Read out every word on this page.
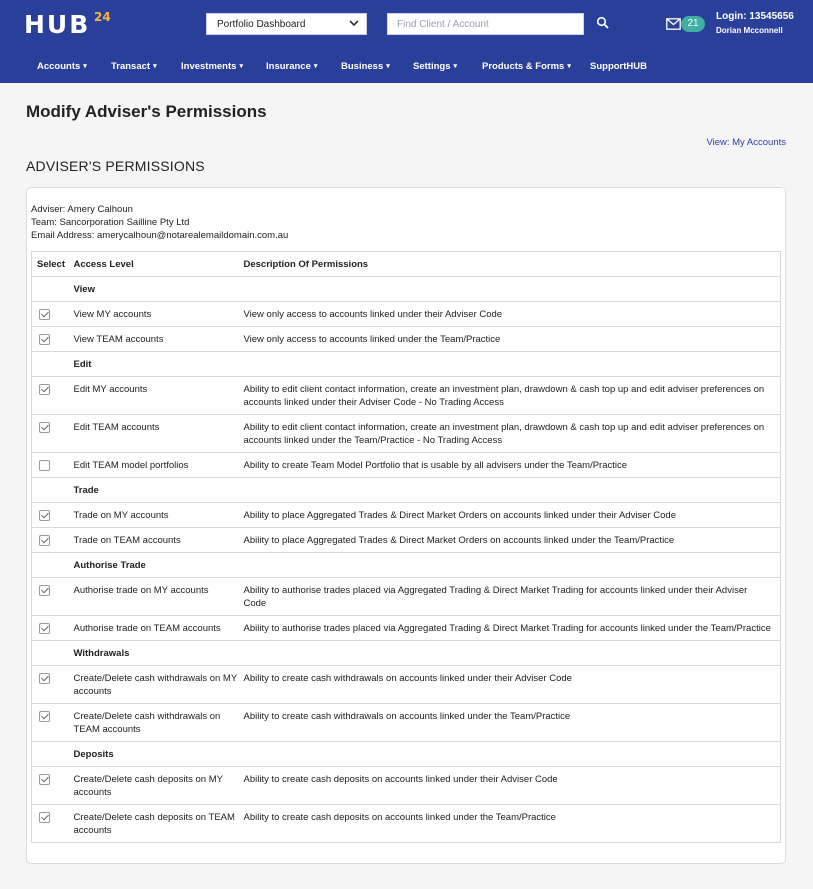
HUB 24
Portfolio Dashboard
Find Client / Account	21
Login: 13545656
Dorian Mcconnell
Accounts ▾	Transact ▾	Investments ▾ Insurance ▾ Business ▾ Settings ▾	Products & Forms ▾ SupportHUB
Modify Adviser's Permissions
View: My Accounts
ADVISER'S PERMISSIONS
Adviser: Amery Calhoun
Team: Sancorporation Sailline Pty Ltd
Email Address: amerycalhoun@notarealemaildomain.com.au
Select	Access Level	Description Of Permissions
	View	

	View MY accounts	View only access to accounts linked under their Adviser Code

	View TEAM accounts	View only access to accounts linked under the Team/Practice
	Edit	

	Edit MY accounts	Ability to edit client contact information, create an investment plan, drawdown & cash top up and edit adviser preferences on accounts linked under their Adviser Code - No Trading Access

	Edit TEAM accounts	Ability to edit client contact information, create an investment plan, drawdown & cash top up and edit adviser preferences on accounts linked under the Team/Practice - No Trading Access

	Edit TEAM model portfolios	Ability to create Team Model Portfolio that is usable by all advisers under the Team/Practice
	Trade	

	Trade on MY accounts	Ability to place Aggregated Trades & Direct Market Orders on accounts linked under their Adviser Code

	Trade on TEAM accounts	Ability to place Aggregated Trades & Direct Market Orders on accounts linked under the Team/Practice
	Authorise Trade	

	Authorise trade on MY accounts	Ability to authorise trades placed via Aggregated Trading & Direct Market Trading for accounts linked under their Adviser Code

	Authorise trade on TEAM accounts	Ability to authorise trades placed via Aggregated Trading & Direct Market Trading for accounts linked under the Team/Practice
	Withdrawals	

	Create/Delete cash withdrawals on MY accounts	Ability to create cash withdrawals on accounts linked under their Adviser Code

	Create/Delete cash withdrawals on TEAM accounts	Ability to create cash withdrawals on accounts linked under the Team/Practice
	Deposits	

	Create/Delete cash deposits on MY accounts	Ability to create cash deposits on accounts linked under their Adviser Code

	Create/Delete cash deposits on TEAM accounts	Ability to create cash deposits on accounts linked under the Team/Practice
